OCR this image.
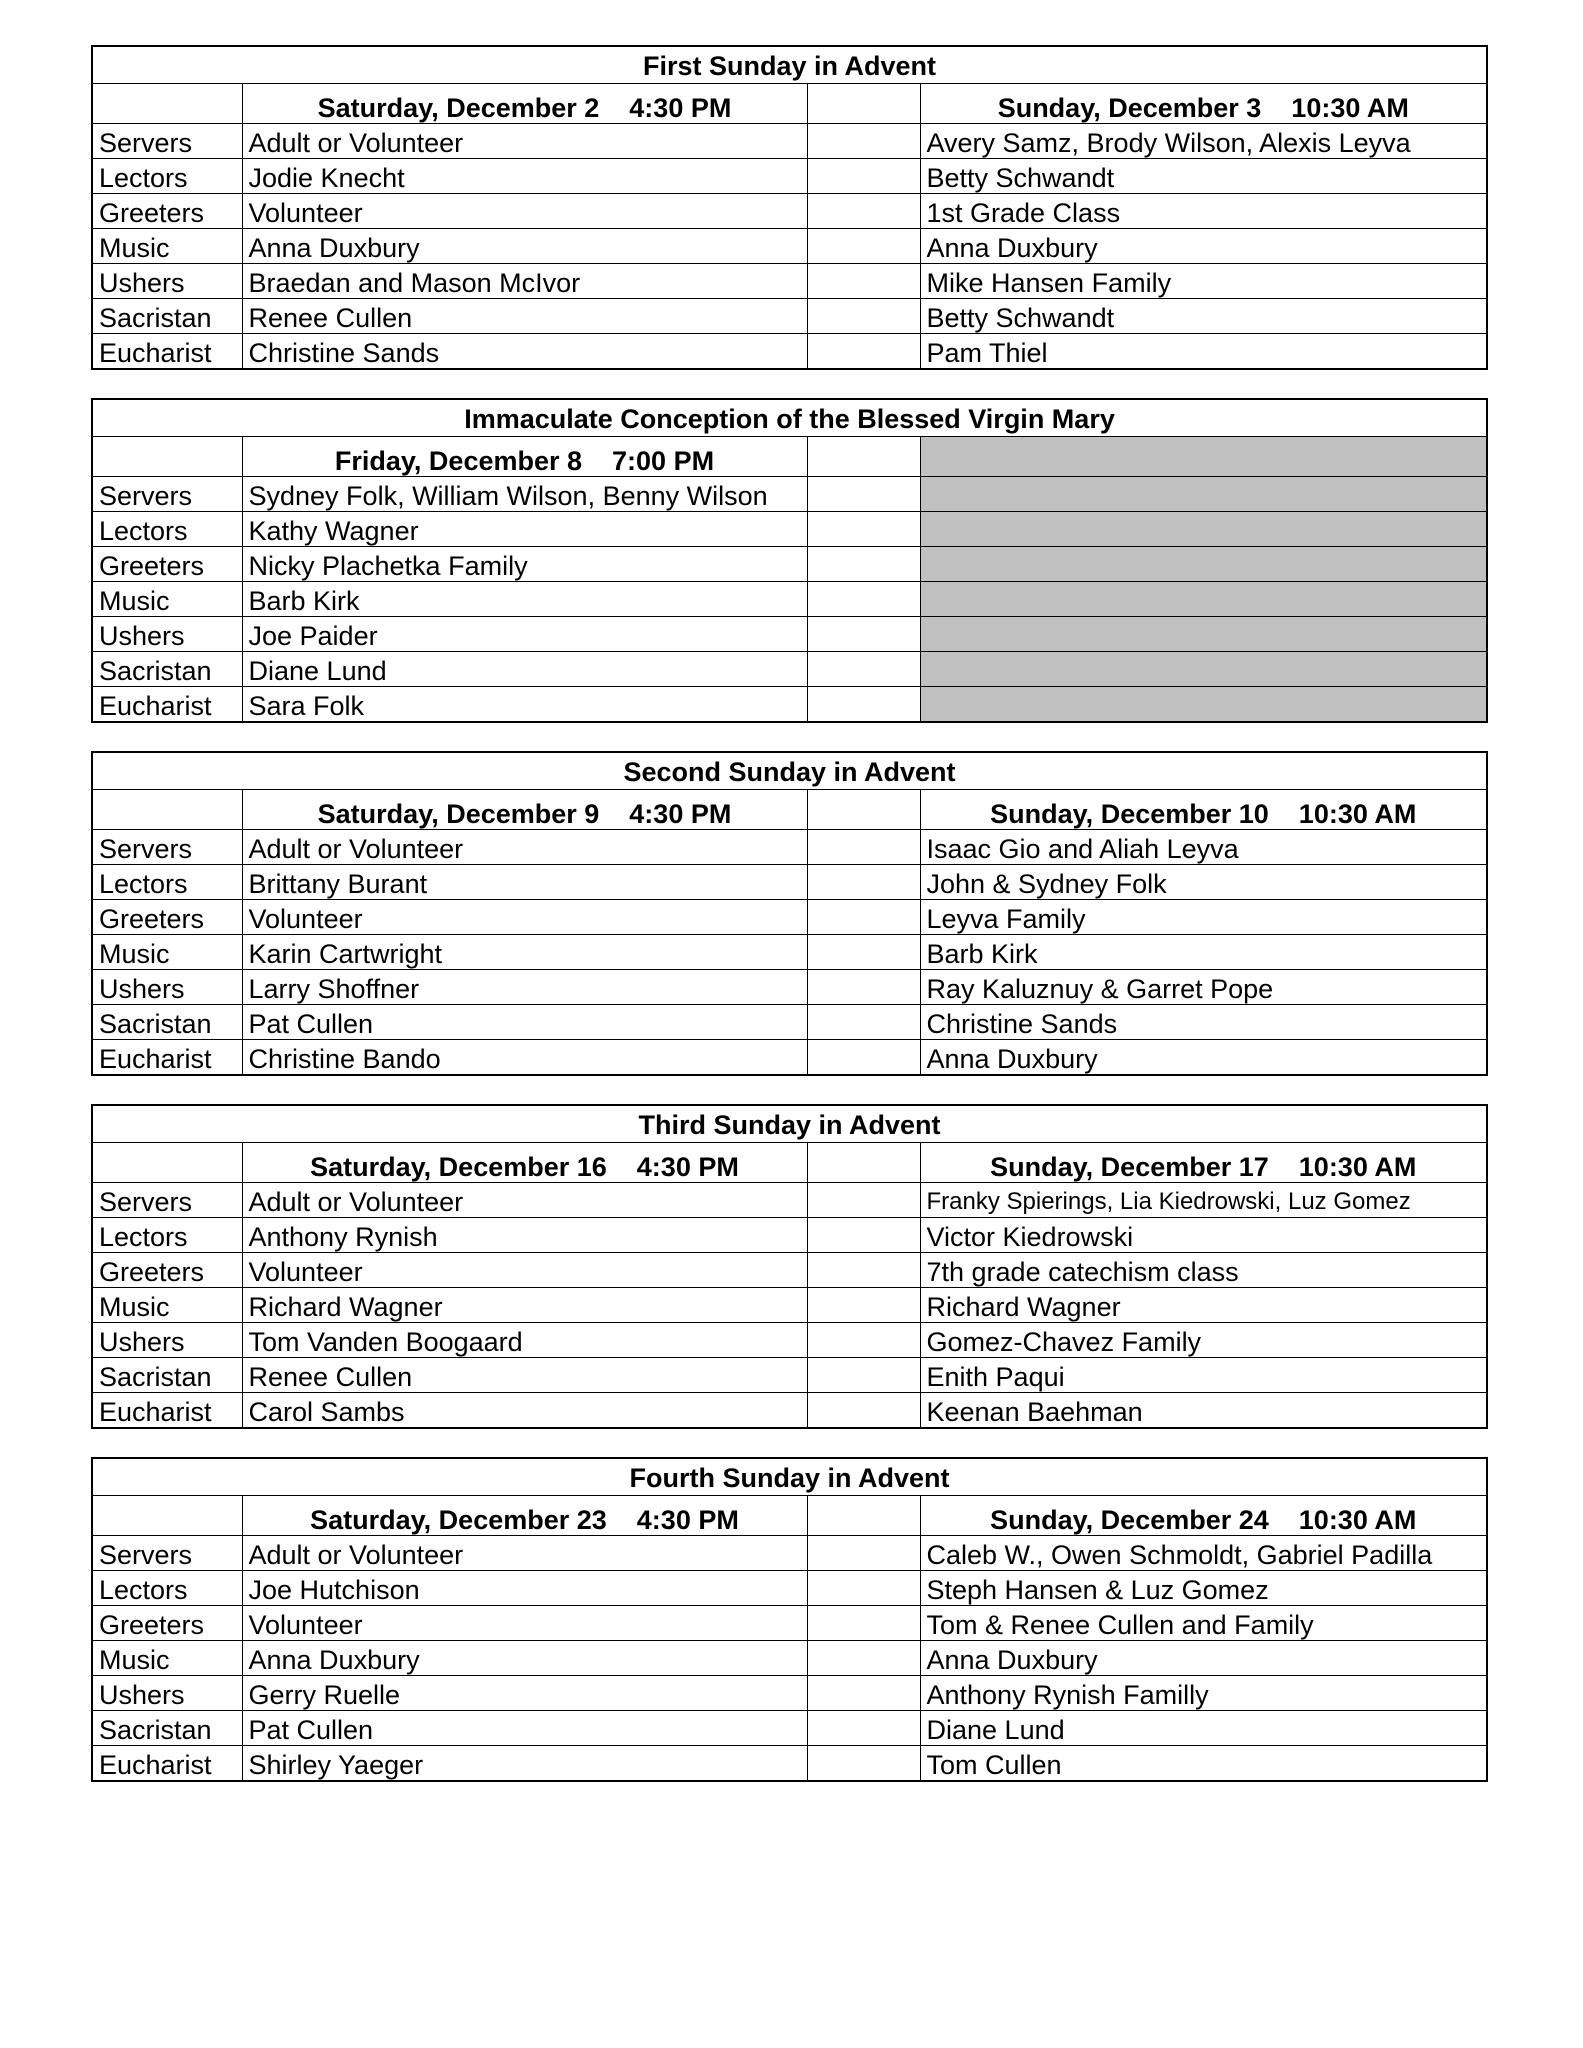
First Sunday in Advent			
	Saturday, December 2    4:30 PM		Sunday, December 3    10:30 AM
Servers	Adult or Volunteer		Avery Samz, Brody Wilson, Alexis Leyva
Lectors	Jodie Knecht		Betty Schwandt
Greeters	Volunteer		1st Grade Class
Music	Anna Duxbury		Anna Duxbury
Ushers	Braedan and Mason McIvor		Mike Hansen Family
Sacristan	Renee Cullen		Betty Schwandt
Eucharist	Christine Sands		Pam Thiel
Immaculate Conception of the Blessed Virgin Mary			
	Friday, December 8    7:00 PM		
Servers	Sydney Folk, William Wilson, Benny Wilson		
Lectors	Kathy Wagner		
Greeters	Nicky Plachetka Family		
Music	Barb Kirk		
Ushers	Joe Paider		
Sacristan	Diane Lund		
Eucharist	Sara Folk		
Second Sunday in Advent			
	Saturday, December 9    4:30 PM		Sunday, December 10    10:30 AM
Servers	Adult or Volunteer		Isaac Gio and Aliah Leyva
Lectors	Brittany Burant		John & Sydney Folk
Greeters	Volunteer		Leyva Family
Music	Karin Cartwright		Barb Kirk
Ushers	Larry Shoffner		Ray Kaluznuy & Garret Pope
Sacristan	Pat Cullen		Christine Sands
Eucharist	Christine Bando		Anna Duxbury
Third Sunday in Advent			
	Saturday, December 16    4:30 PM		Sunday, December 17    10:30 AM
Servers	Adult or Volunteer		Franky Spierings, Lia Kiedrowski, Luz Gomez
Lectors	Anthony Rynish		Victor Kiedrowski
Greeters	Volunteer		7th grade catechism class
Music	Richard Wagner		Richard Wagner
Ushers	Tom Vanden Boogaard		Gomez-Chavez Family
Sacristan	Renee Cullen		Enith Paqui
Eucharist	Carol Sambs		Keenan Baehman
Fourth Sunday in Advent			
	Saturday, December 23    4:30 PM		Sunday, December 24    10:30 AM
Servers	Adult or Volunteer		Caleb W., Owen Schmoldt, Gabriel Padilla
Lectors	Joe Hutchison		Steph Hansen & Luz Gomez
Greeters	Volunteer		Tom & Renee Cullen and Family
Music	Anna Duxbury		Anna Duxbury
Ushers	Gerry Ruelle		Anthony Rynish Familly
Sacristan	Pat Cullen		Diane Lund
Eucharist	Shirley Yaeger		Tom Cullen
